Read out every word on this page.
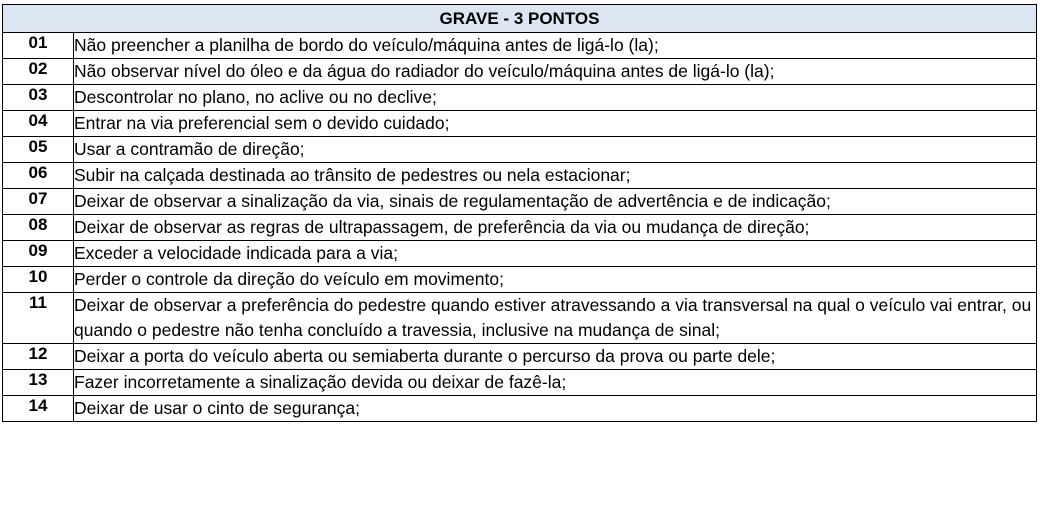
GRAVE - 3 PONTOS	
01	Não preencher a planilha de bordo do veículo/máquina antes de ligá-lo (la);
02	Não observar nível do óleo e da água do radiador do veículo/máquina antes de ligá-lo (la);
03	Descontrolar no plano, no aclive ou no declive;
04	Entrar na via preferencial sem o devido cuidado;
05	Usar a contramão de direção;
06	Subir na calçada destinada ao trânsito de pedestres ou nela estacionar;
07	Deixar de observar a sinalização da via, sinais de regulamentação de advertência e de indicação;
08	Deixar de observar as regras de ultrapassagem, de preferência da via ou mudança de direção;
09	Exceder a velocidade indicada para a via;
10	Perder o controle da direção do veículo em movimento;
11	Deixar de observar a preferência do pedestre quando estiver atravessando a via transversal na qual o veículo vai entrar, ou quando o pedestre não tenha concluído a travessia, inclusive na mudança de sinal;
12	Deixar a porta do veículo aberta ou semiaberta durante o percurso da prova ou parte dele;
13	Fazer incorretamente a sinalização devida ou deixar de fazê-la;
14	Deixar de usar o cinto de segurança;
